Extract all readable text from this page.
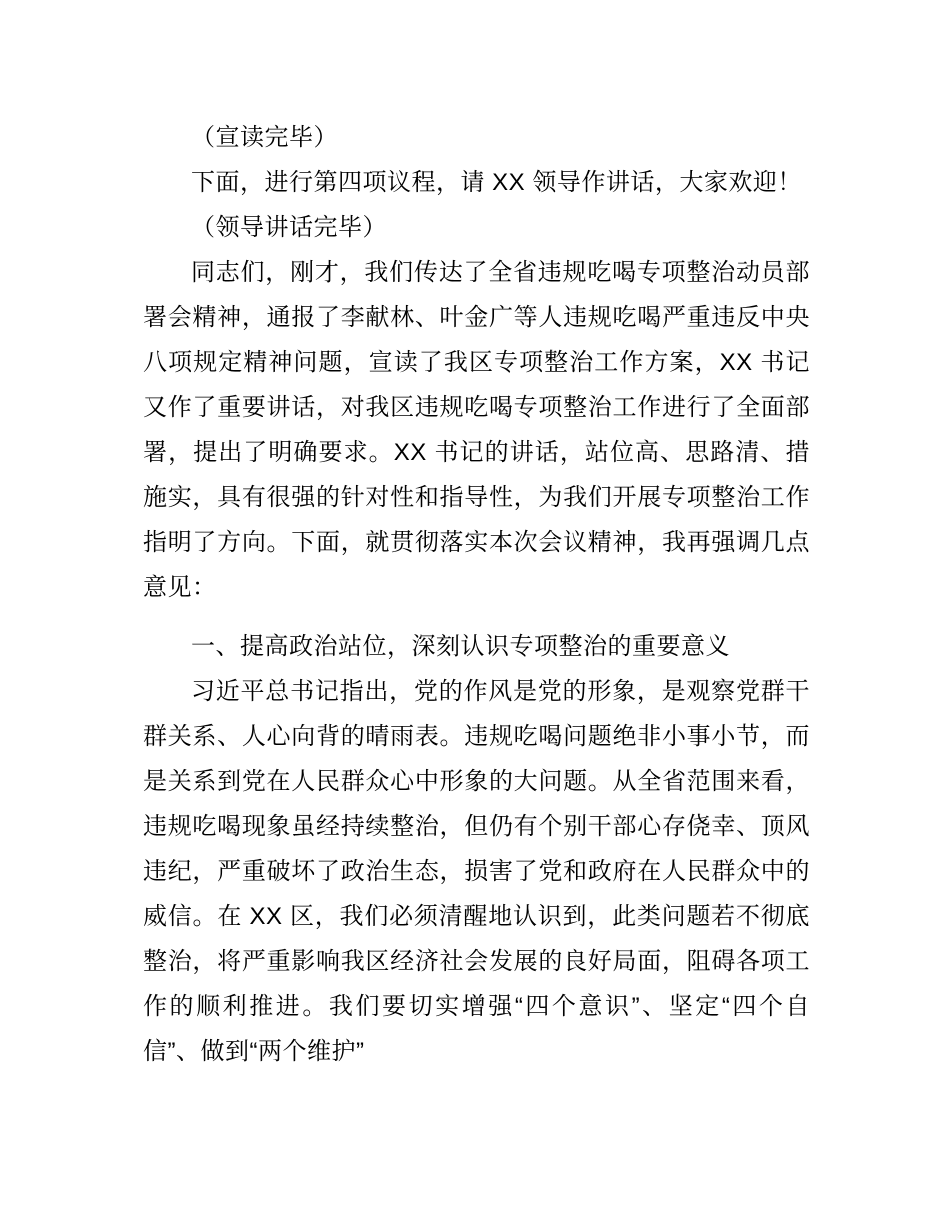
（宣读完毕）

下面，进行第四项议程，请 XX 领导作讲话，大家欢迎！

（领导讲话完毕）

同志们，刚才，我们传达了全省违规吃喝专项整治动员部署会精神，通报了李献林、叶金广等人违规吃喝严重违反中央八项规定精神问题，宣读了我区专项整治工作方案，XX 书记又作了重要讲话，对我区违规吃喝专项整治工作进行了全面部署，提出了明确要求。XX 书记的讲话，站位高、思路清、措施实，具有很强的针对性和指导性，为我们开展专项整治工作指明了方向。下面，就贯彻落实本次会议精神，我再强调几点意见：

一、提高政治站位，深刻认识专项整治的重要意义

习近平总书记指出，党的作风是党的形象，是观察党群干群关系、人心向背的晴雨表。违规吃喝问题绝非小事小节，而是关系到党在人民群众心中形象的大问题。从全省范围来看，违规吃喝现象虽经持续整治，但仍有个别干部心存侥幸、顶风违纪，严重破坏了政治生态，损害了党和政府在人民群众中的威信。在 XX 区，我们必须清醒地认识到，此类问题若不彻底整治，将严重影响我区经济社会发展的良好局面，阻碍各项工作的顺利推进。我们要切实增强“四个意识”、坚定“四个自信”、做到“两个维护”
